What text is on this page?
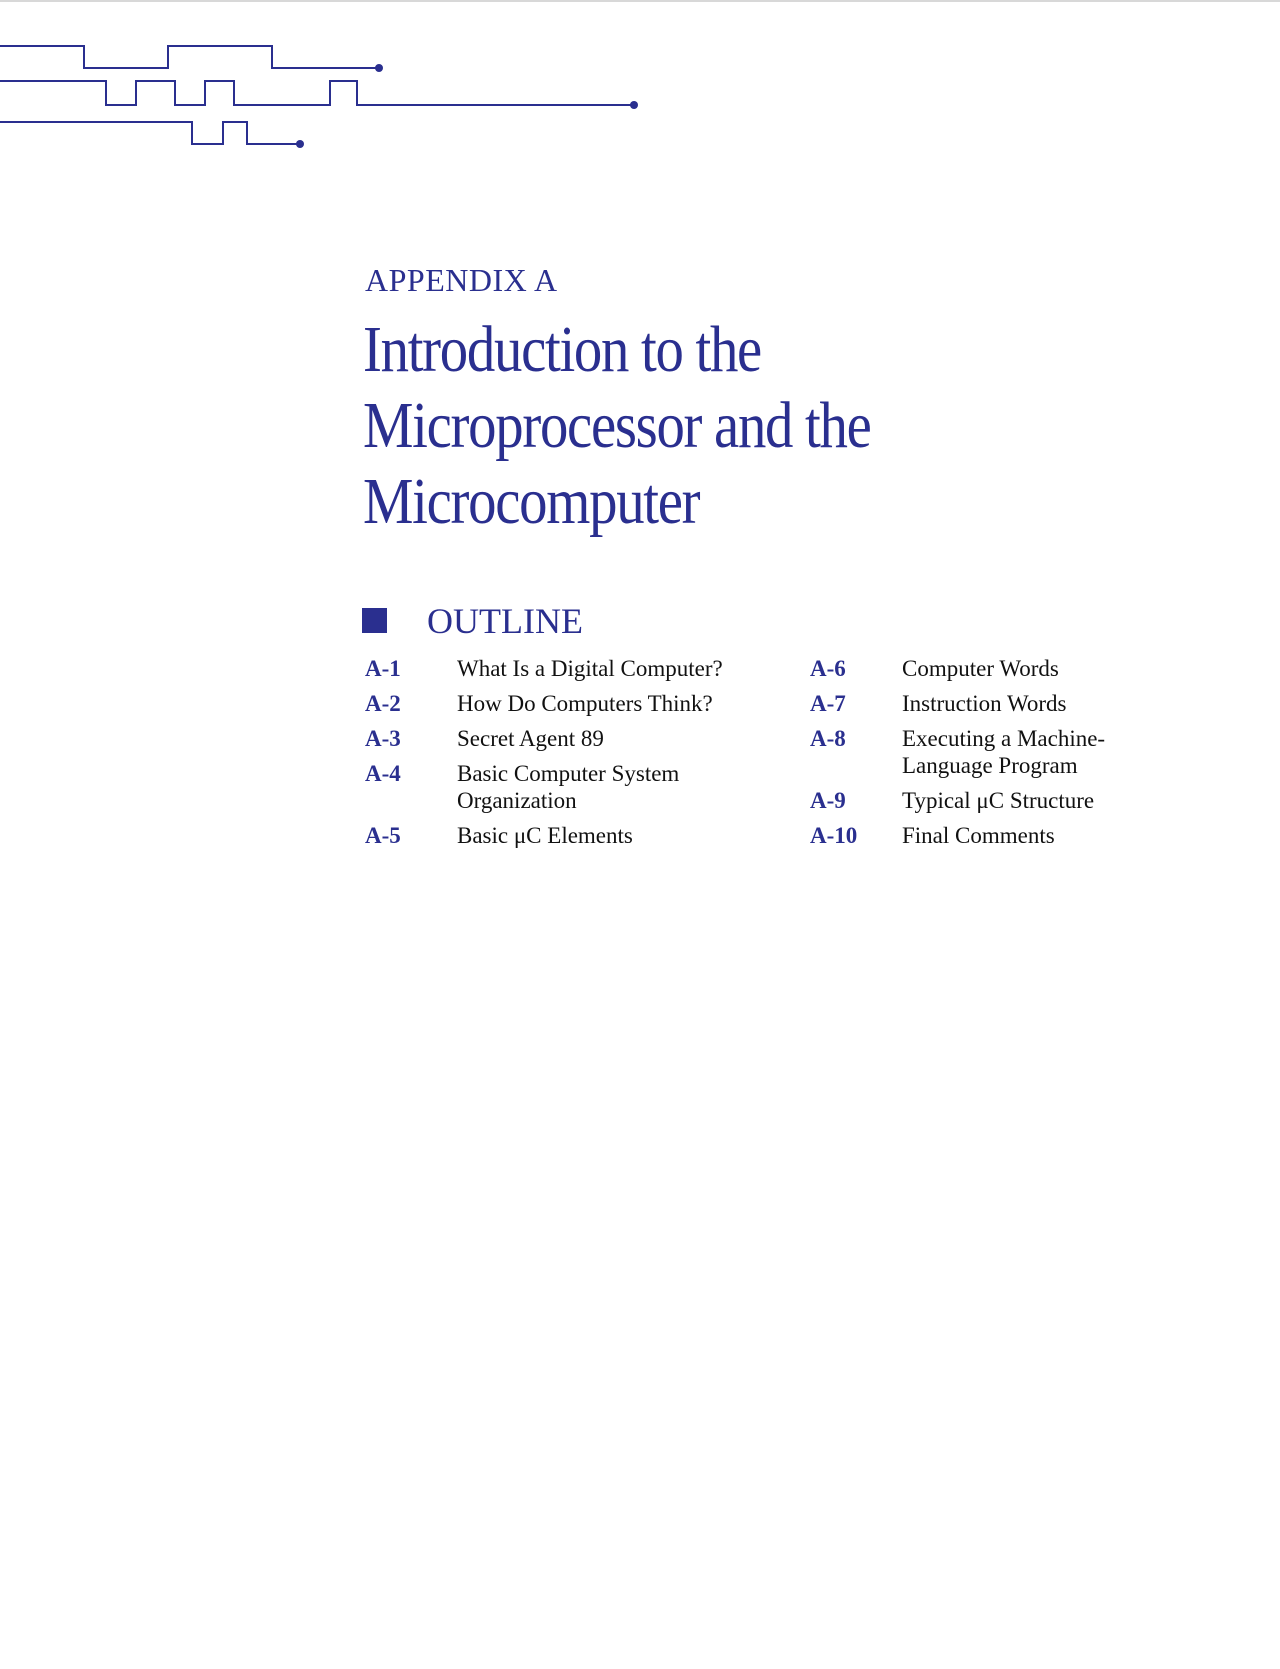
APPENDIX A
Introduction to the
Microprocessor and the
Microcomputer
OUTLINE
A-1	What Is a Digital Computer?
A-2	How Do Computers Think?
A-3	Secret Agent 89
A-4	Basic Computer System
Organization
A-5	Basic μC Elements
A-6	Computer Words
A-7	Instruction Words
A-8	Executing a Machine-
Language Program
A-9	Typical μC Structure
A-10	Final Comments
